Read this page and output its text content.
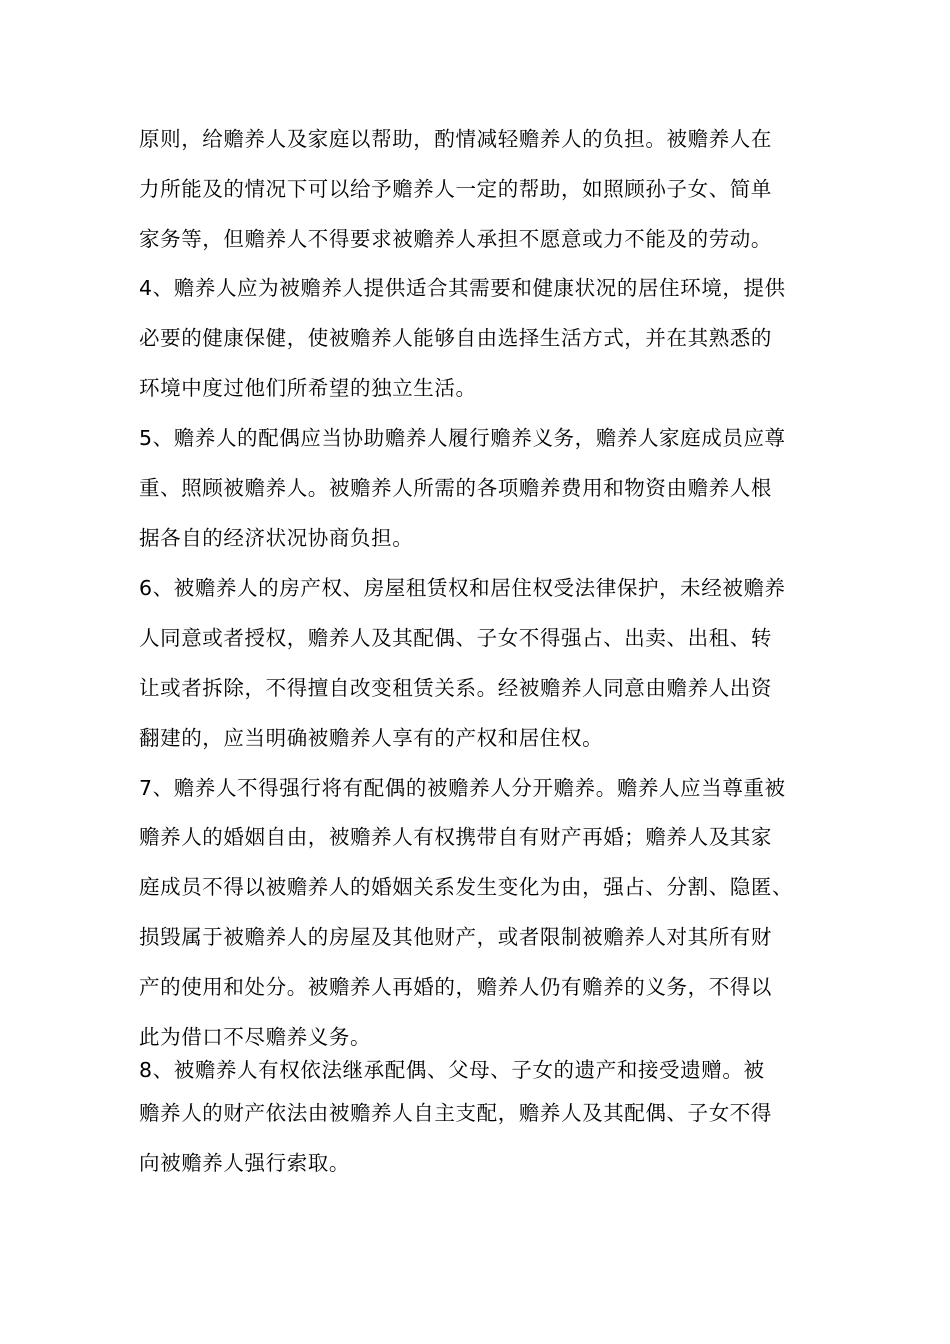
原则，给赡养人及家庭以帮助，酌情减轻赡养人的负担。被赡养人在
力所能及的情况下可以给予赡养人一定的帮助，如照顾孙子女、简单
家务等，但赡养人不得要求被赡养人承担不愿意或力不能及的劳动。
4、赡养人应为被赡养人提供适合其需要和健康状况的居住环境，提供
必要的健康保健，使被赡养人能够自由选择生活方式，并在其熟悉的
环境中度过他们所希望的独立生活。
5、赡养人的配偶应当协助赡养人履行赡养义务，赡养人家庭成员应尊
重、照顾被赡养人。被赡养人所需的各项赡养费用和物资由赡养人根
据各自的经济状况协商负担。
6、被赡养人的房产权、房屋租赁权和居住权受法律保护，未经被赡养
人同意或者授权，赡养人及其配偶、子女不得强占、出卖、出租、转
让或者拆除，不得擅自改变租赁关系。经被赡养人同意由赡养人出资
翻建的，应当明确被赡养人享有的产权和居住权。
7、赡养人不得强行将有配偶的被赡养人分开赡养。赡养人应当尊重被
赡养人的婚姻自由，被赡养人有权携带自有财产再婚；赡养人及其家
庭成员不得以被赡养人的婚姻关系发生变化为由，强占、分割、隐匿、
损毁属于被赡养人的房屋及其他财产，或者限制被赡养人对其所有财
产的使用和处分。被赡养人再婚的，赡养人仍有赡养的义务，不得以
此为借口不尽赡养义务。
8、被赡养人有权依法继承配偶、父母、子女的遗产和接受遗赠。被
赡养人的财产依法由被赡养人自主支配，赡养人及其配偶、子女不得
向被赡养人强行索取。
